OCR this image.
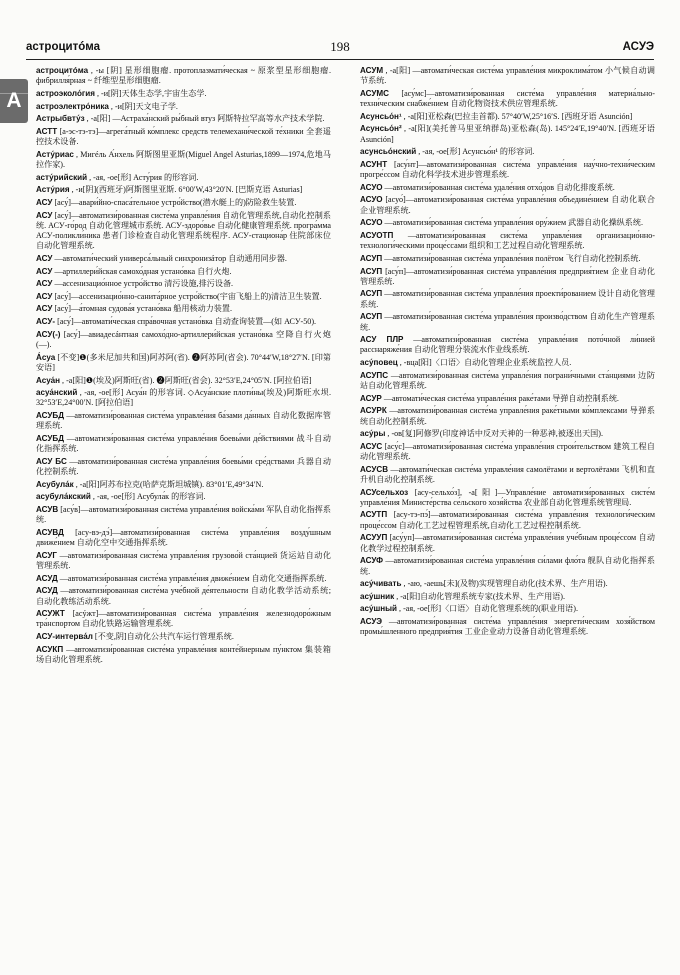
астроцитóма	198	АСУЭ
A

астроцитóма , -ы [阴] 星形细胞瘤. протоплазмати́ческая ~ 原浆型星形细胞瘤. фибрилля́рная ~ 纤维型星形细胞瘤.

астроэколо́гия , -и[阴]天体生态学,宇宙生态学.

астроэлектро́ника , -и[阴]天文电子学.

Астрыбвту́з , -а[阳] —Астраха́нский ры́бный втуз 阿斯特拉罕高等水产技术学院.

АСТТ [а-эс-тэ-тэ]—агрега́тный ко́мплекс средств телемехани́ческой те́хники 全套遥控技术设备.

Асту́риас , Мигéль А́нхель 阿斯图里亚斯(Miguel Angel Asturias,1899—1974,危地马拉作家).

асту́рийский , -ая, -ое[形] Асту́рия 的形容词.

Асту́рия , -и[阴](西班牙)阿斯图里亚斯. 6°00′W,43°20′N. [巴斯克语 Asturias]

АСУ [асу́]—авари́йно-спаса́тельное устро́йство(潜水艇上的)防险救生装置.

АСУ [асу́]—автоматизи́рованная систе́ма управле́ния 自动化管理系统,自动化控制系统. АСУ-го́род 自动化管理城市系统. АСУ-здоро́вье 自动化健康管理系统. програ́мма АСУ-поликли́ника 患者门诊检查自动化管理系统程序. АСУ-стациона́р 住院部床位自动化管理系统.

АСУ —автомати́ческий универса́льный синхронизáтор 自动通用同步器.

АСУ —артиллери́йская самохо́дная устано́вка 自行火炮.

АСУ —ассенизацио́нное устро́йство 清污设施,排污设备.

АСУ [асу́]—ассенизацио́нно-санита́рное устро́йство(宇宙飞船上的)清洁卫生装置.

АСУ [асу́]—а́томная судова́я устано́вка 船用核动力装置.

АСУ- [асу́]—автомати́ческая спра́вочная устано́вка 自动查询装置—(如 АСУ-50).

АСУ(-) [асу́]—авиадесáнтная самохо́дно-артиллери́йская устано́вка 空降自行火炮(—).

А́суа [不变]❶(多米尼加共和国)阿苏阿(省). ❷阿苏阿(省会). 70°44′W,18°27′N. [印第安语]

Асуа́н , -а[阳]❶(埃及)阿斯旺(省). ❷阿斯旺(省会). 32°53′E,24°05′N. [阿拉伯语]

асуа́нский , -ая, -ое[形] Асуа́н 的形容词. ◇Асуа́нские плоти́ны(埃及)阿斯旺水坝. 32°53′E,24°00′N. [阿拉伯语]

АСУБД —автоматизи́рованная систе́ма управле́ния ба́зами да́нных 自动化数据库管理系统.

АСУБД —автоматизи́рованная систе́ма управле́ния боевы́ми де́йствиями 战斗自动化指挥系统.

АСУ БС —автоматизи́рованная систе́ма управле́ния боевы́ми сре́дствами 兵器自动化控制系统.

Асубула́к , -а[阳]阿苏布拉克(哈萨克斯坦城镇). 83°01′E,49°34′N.

асубула́кский , -ая, -ое[形] Асубула́к 的形容词.

АСУВ [асу́в]—автоматизи́рованная систе́ма управле́ния войска́ми 军队自动化指挥系统.

АСУВД [асу-вэ-дэ́]—автоматизи́рованная систе́ма управле́ния возду́шным движе́нием 自动化空中交通指挥系统.

АСУГ —автоматизи́рованная систе́ма управле́ния грузово́й ста́нцией 货运站自动化管理系统.

АСУД —автоматизи́рованная систе́ма управле́ния движе́нием 自动化交通指挥系统.

АСУД —автоматизи́рованная систе́ма уче́бной де́ятельности 自动化教学活动系统;自动化教练活动系统.

АСУЖТ [асýжт]—автоматизи́рованная систе́ма управле́ния железнодоро́жным тра́нспортом 自动化铁路运输管理系统.

АСУ-интерва́л [不变,阴]自动化公共汽车运行管理系统.

АСУКП —автоматизи́рованная систе́ма управле́ния конте́йнерным пу́нктом 集装箱场自动化管理系统.

АСУМ , -а[阳] —автомати́ческая систе́ма управле́ния микроклима́том 小气候自动调节系统.

АСУМС [асу́мс]—автоматизи́рованная систе́ма управле́ния материа́льно-техни́ческим снабже́нием 自动化物资技术供应管理系统.

Асунсьо́н¹ , -а[阳]亚松森(巴拉圭首都). 57°40′W,25°16′S. [西班牙语 Asunción]

Асунсьо́н² , -а[阳](美托普马里亚纳群岛)亚松森(岛). 145°24′E,19°40′N. [西班牙语 Asunción]

асунсьо́нский , -ая, -ое[形] Асунсьо́н¹ 的形容词.

АСУНТ [асу́нт]—автоматизи́рованная систе́ма управле́ния нау́чно-техни́ческим прогре́ссом 自动化科学技术进步管理系统.

АСУО —автоматизи́рованная систе́ма удале́ния отхо́дов 自动化排废系统.

АСУО [асуо́]—автоматизи́рованная систе́ма управле́ния объедине́нием 自动化联合企业管理系统.

АСУО —автоматизи́рованная систе́ма управле́ния ору́жием 武器自动化操纵系统.

АСУОТП —автоматизи́рованная систе́ма управле́ния организацио́нно-технологи́ческими проце́ссами 组织和工艺过程自动化管理系统.

АСУП —автоматизи́рованная систе́ма управле́ния полётом 飞行自动化控制系统.

АСУП [асу́п]—автоматизи́рованная систе́ма управле́ния предприя́тием 企业自动化管理系统.

АСУП —автоматизи́рованная систе́ма управле́ния проекти́рованием 设计自动化管理系统.

АСУП —автоматизи́рованная систе́ма управле́ния произво́дством 自动化生产管理系统.

АСУ ПЛР —автоматизи́рованная систе́ма управле́ния пото́чной ли́нией расснаряже́ния 自动化管理分装流水作业线系统.

асу́повец , -вца[阳]〈口语〉自动化管理企业系统监控人员.

АСУПС —автоматизи́рованная систе́ма управле́ния пограни́чными ста́нциями 边防站自动化管理系统.

АСУР —автомати́ческая систе́ма управле́ния раке́тами 导弹自动控制系统.

АСУРК —автоматизи́рованная систе́ма управле́ния раке́тными ко́мплексами 导弹系统自动化控制系统.

асу́ры , -ов[复]阿修罗(印度神话中反对天神的一种恶神,被逐出天国).

АСУС [асу́с]—автоматизи́рованная систе́ма управле́ния строи́тельством 建筑工程自动化管理系统.

АСУСВ —автомати́ческая систе́ма управле́ния самолётами и вертолётами 飞机和直升机自动化控制系统.

АСУсельхоз [асу-сельхо́з], -а[阳]—Управле́ние автоматизи́рованных систе́м управле́ния Министе́рства се́льского хозя́йства 农业部自动化管理系统管理局.

АСУТП [асу-тэ-пэ́]—автоматизи́рованная систе́ма управле́ния технологи́ческим проце́ссом 自动化工艺过程管理系统,自动化工艺过程控制系统.

АСУУП [асу́уп]—автоматизи́рованная систе́ма управле́ния уче́бным проце́ссом 自动化教学过程控制系统.

АСУФ —автоматизи́рованная систе́ма управле́ния си́лами фло́та 舰队自动化指挥系统.

асу́чивать , -аю, -аешь[未](及物)实现管理自动化(技术界、生产用语).

асу́шник , -а[阳]自动化管理系统专家(技术界、生产用语).

асу́шный , -ая, -ое[形]〈口语〉自动化管理系统的(职业用语).

АСУЭ —автоматизи́рованная систе́ма управле́ния энергети́ческим хозя́йством промы́шленного предприя́тия 工业企业动力设备自动化管理系统.
